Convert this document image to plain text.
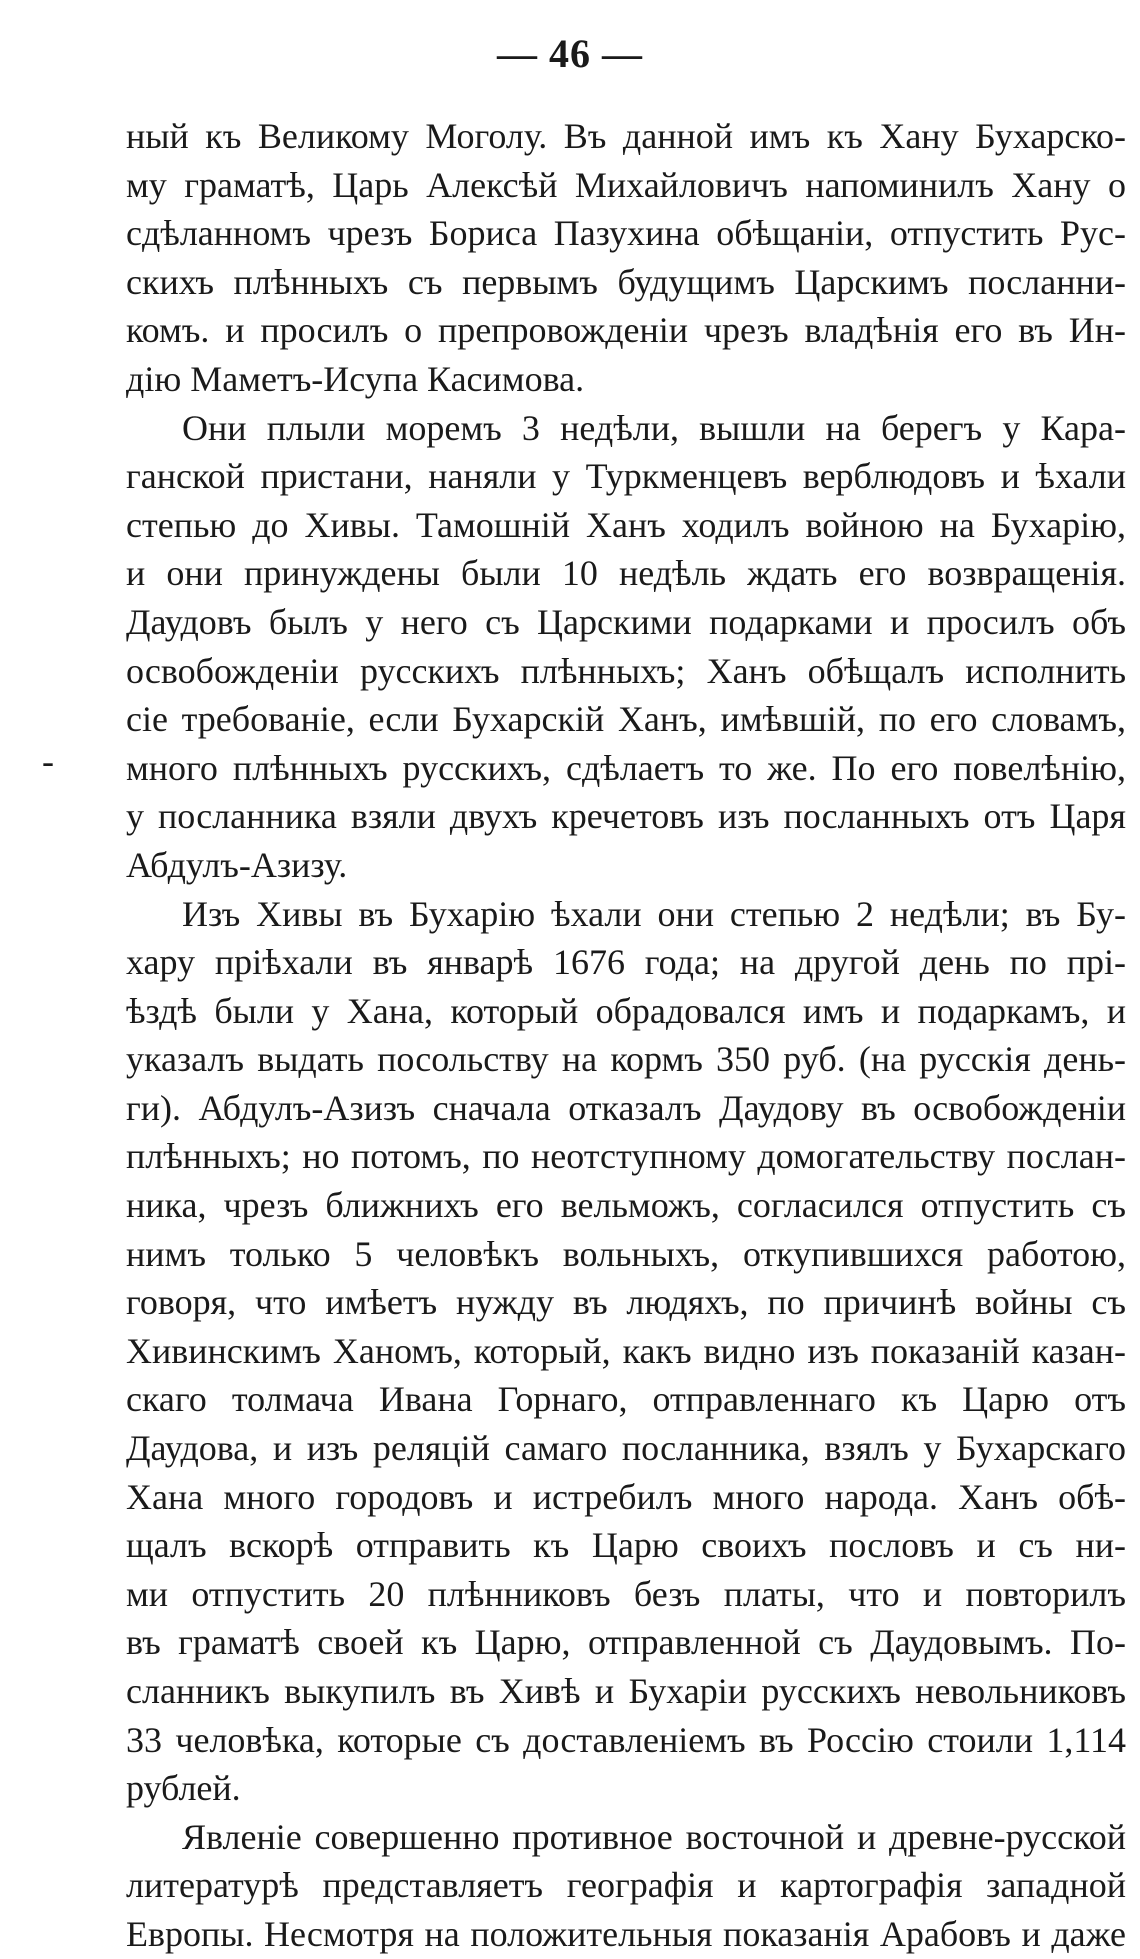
— 46 —
-
ный къ Великому Моголу. Въ данной имъ къ Хану Бухарско-
му граматѣ, Царь Алексѣй Михайловичъ напоминилъ Хану о
сдѣланномъ чрезъ Бориса Пазухина обѣщаніи, отпустить Рус-
скихъ плѣнныхъ съ первымъ будущимъ Царскимъ посланни-
комъ. и просилъ о препровожденіи чрезъ владѣнія его въ Ин-
дію Маметъ-Исупа Касимова.
Они плыли моремъ 3 недѣли, вышли на берегъ у Кара-
ганской пристани, наняли у Туркменцевъ верблюдовъ и ѣхали
степью до Хивы. Тамошній Ханъ ходилъ войною на Бухарію,
и они принуждены были 10 недѣль ждать его возвращенія.
Даудовъ былъ у него съ Царскими подарками и просилъ объ
освобожденіи русскихъ плѣнныхъ; Ханъ обѣщалъ исполнить
сіе требованіе, если Бухарскій Ханъ, имѣвшій, по его словамъ,
много плѣнныхъ русскихъ, сдѣлаетъ то же. По его повелѣнію,
у посланника взяли двухъ кречетовъ изъ посланныхъ отъ Царя
Абдулъ-Азизу.
Изъ Хивы въ Бухарію ѣхали они степью 2 недѣли; въ Бу-
хару пріѣхали въ январѣ 1676 года; на другой день по прі-
ѣздѣ были у Хана, который обрадовался имъ и подаркамъ, и
указалъ выдать посольству на кормъ 350 руб. (на русскія день-
ги). Абдулъ-Азизъ сначала отказалъ Даудову въ освобожденіи
плѣнныхъ; но потомъ, по неотступному домогательству послан-
ника, чрезъ ближнихъ его вельможъ, согласился отпустить съ
нимъ только 5 человѣкъ вольныхъ, откупившихся работою,
говоря, что имѣетъ нужду въ людяхъ, по причинѣ войны съ
Хивинскимъ Ханомъ, который, какъ видно изъ показаній казан-
скаго толмача Ивана Горнаго, отправленнаго къ Царю отъ
Даудова, и изъ реляцій самаго посланника, взялъ у Бухарскаго
Хана много городовъ и истребилъ много народа. Ханъ обѣ-
щалъ вскорѣ отправить къ Царю своихъ пословъ и съ ни-
ми отпустить 20 плѣнниковъ безъ платы, что и повторилъ
въ граматѣ своей къ Царю, отправленной съ Даудовымъ. По-
сланникъ выкупилъ въ Хивѣ и Бухаріи русскихъ невольниковъ
33 человѣка, которые съ доставленіемъ въ Россію стоили 1,114
рублей.
Явленіе совершенно противное восточной и древне-русской
литературѣ представляетъ географія и картографія западной
Европы. Несмотря на положительныя показанія Арабовъ и даже
